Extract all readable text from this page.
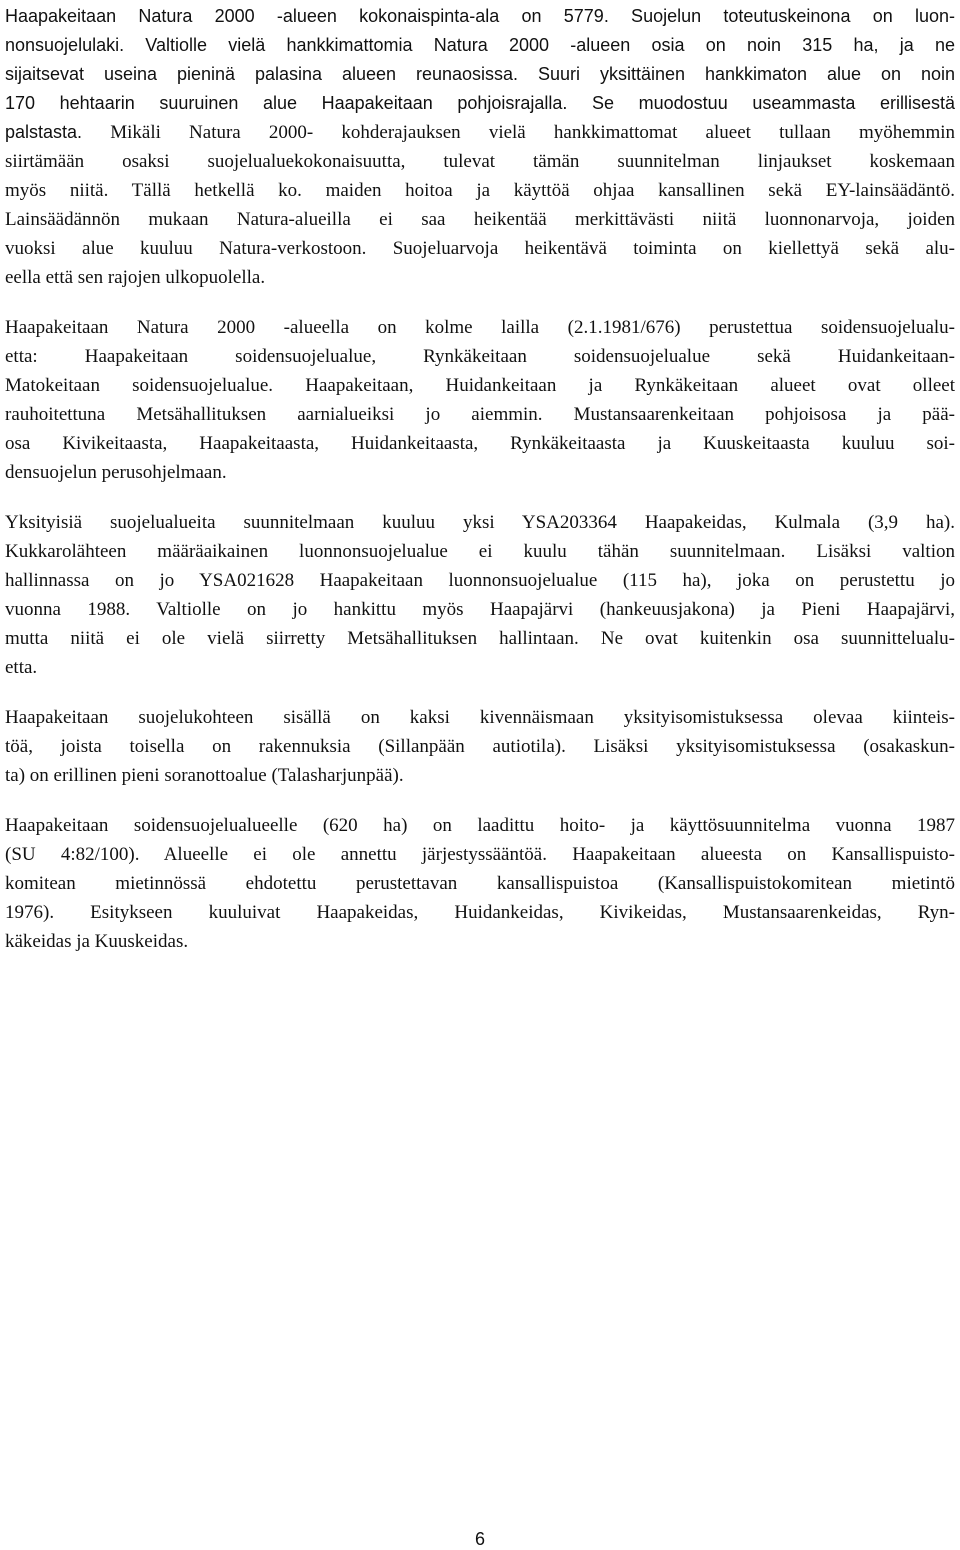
Haapakeitaan Natura 2000 -alueen kokonaispinta-ala on 5779. Suojelun toteutuskeinona on luon-
nonsuojelulaki. Valtiolle vielä hankkimattomia Natura 2000 -alueen osia on noin 315 ha, ja ne
sijaitsevat useina pieninä palasina alueen reunaosissa. Suuri yksittäinen hankkimaton alue on noin
170 hehtaarin suuruinen alue Haapakeitaan pohjoisrajalla. Se muodostuu useammasta erillisestä
palstasta. Mikäli Natura 2000- kohderajauksen vielä hankkimattomat alueet tullaan myöhemmin
siirtämään osaksi suojelualuekokonaisuutta, tulevat tämän suunnitelman linjaukset koskemaan
myös niitä. Tällä hetkellä ko. maiden hoitoa ja käyttöä ohjaa kansallinen sekä EY-lainsäädäntö.
Lainsäädännön mukaan Natura-alueilla ei saa heikentää merkittävästi niitä luonnonarvoja, joiden
vuoksi alue kuuluu Natura-verkostoon. Suojeluarvoja heikentävä toiminta on kiellettyä sekä alu-
eella että sen rajojen ulkopuolella.
Haapakeitaan Natura 2000 -alueella on kolme lailla (2.1.1981/676) perustettua soidensuojelualu-
etta: Haapakeitaan soidensuojelualue, Rynkäkeitaan soidensuojelualue sekä Huidankeitaan-
Matokeitaan soidensuojelualue. Haapakeitaan, Huidankeitaan ja Rynkäkeitaan alueet ovat olleet
rauhoitettuna Metsähallituksen aarnialueiksi jo aiemmin. Mustansaarenkeitaan pohjoisosa ja pää-
osa Kivikeitaasta, Haapakeitaasta, Huidankeitaasta, Rynkäkeitaasta ja Kuuskeitaasta kuuluu soi-
densuojelun perusohjelmaan.
Yksityisiä suojelualueita suunnitelmaan kuuluu yksi YSA203364 Haapakeidas, Kulmala (3,9 ha).
Kukkarolähteen määräaikainen luonnonsuojelualue ei kuulu tähän suunnitelmaan. Lisäksi valtion
hallinnassa on jo YSA021628 Haapakeitaan luonnonsuojelualue (115 ha), joka on perustettu jo
vuonna 1988. Valtiolle on jo hankittu myös Haapajärvi (hankeuusjakona) ja Pieni Haapajärvi,
mutta niitä ei ole vielä siirretty Metsähallituksen hallintaan. Ne ovat kuitenkin osa suunnittelualu-
etta.
Haapakeitaan suojelukohteen sisällä on kaksi kivennäismaan yksityisomistuksessa olevaa kiinteis-
töä, joista toisella on rakennuksia (Sillanpään autiotila). Lisäksi yksityisomistuksessa (osakaskun-
ta) on erillinen pieni soranottoalue (Talasharjunpää).
Haapakeitaan soidensuojelualueelle (620 ha) on laadittu hoito- ja käyttösuunnitelma vuonna 1987
(SU 4:82/100). Alueelle ei ole annettu järjestyssääntöä. Haapakeitaan alueesta on Kansallispuisto-
komitean mietinnössä ehdotettu perustettavan kansallispuistoa (Kansallispuistokomitean mietintö
1976). Esitykseen kuuluivat Haapakeidas, Huidankeidas, Kivikeidas, Mustansaarenkeidas, Ryn-
käkeidas ja Kuuskeidas.
6
